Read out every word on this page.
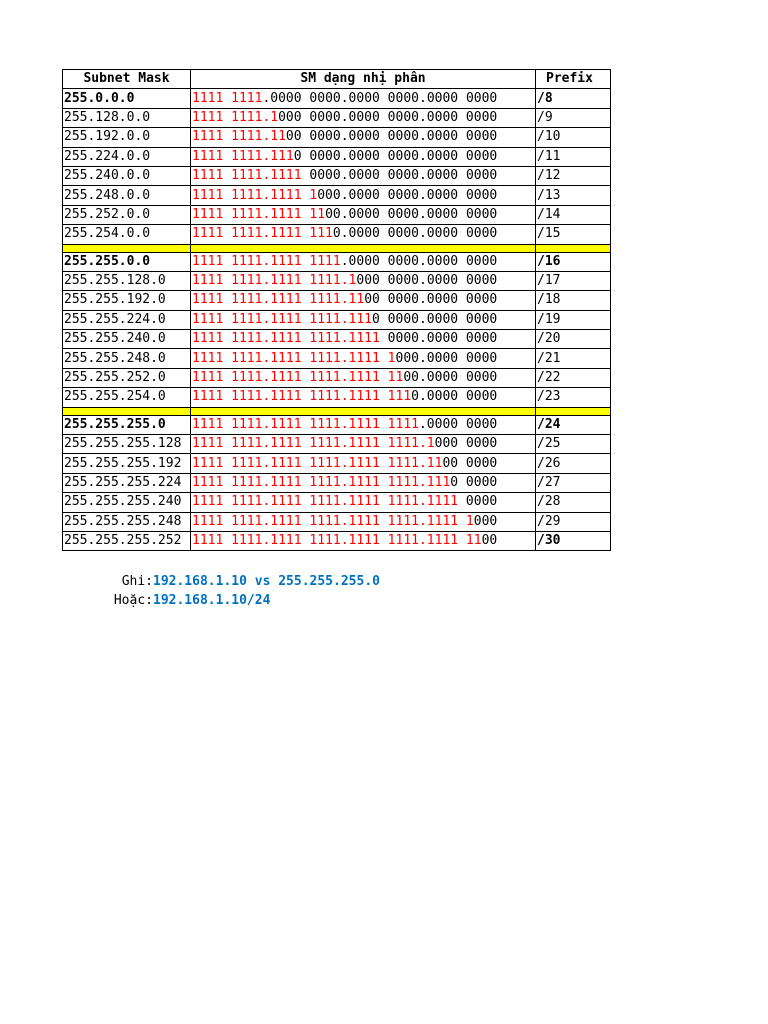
Subnet Mask	SM dạng nhị phân	Prefix
255.0.0.0	1111 1111.0000 0000.0000 0000.0000 0000	/8
255.128.0.0	1111 1111.1000 0000.0000 0000.0000 0000	/9
255.192.0.0	1111 1111.1100 0000.0000 0000.0000 0000	/10
255.224.0.0	1111 1111.1110 0000.0000 0000.0000 0000	/11
255.240.0.0	1111 1111.1111 0000.0000 0000.0000 0000	/12
255.248.0.0	1111 1111.1111 1000.0000 0000.0000 0000	/13
255.252.0.0	1111 1111.1111 1100.0000 0000.0000 0000	/14
255.254.0.0	1111 1111.1111 1110.0000 0000.0000 0000	/15

255.255.0.0	1111 1111.1111 1111.0000 0000.0000 0000	/16
255.255.128.0	1111 1111.1111 1111.1000 0000.0000 0000	/17
255.255.192.0	1111 1111.1111 1111.1100 0000.0000 0000	/18
255.255.224.0	1111 1111.1111 1111.1110 0000.0000 0000	/19
255.255.240.0	1111 1111.1111 1111.1111 0000.0000 0000	/20
255.255.248.0	1111 1111.1111 1111.1111 1000.0000 0000	/21
255.255.252.0	1111 1111.1111 1111.1111 1100.0000 0000	/22
255.255.254.0	1111 1111.1111 1111.1111 1110.0000 0000	/23

255.255.255.0	1111 1111.1111 1111.1111 1111.0000 0000	/24
255.255.255.128	1111 1111.1111 1111.1111 1111.1000 0000	/25
255.255.255.192	1111 1111.1111 1111.1111 1111.1100 0000	/26
255.255.255.224	1111 1111.1111 1111.1111 1111.1110 0000	/27
255.255.255.240	1111 1111.1111 1111.1111 1111.1111 0000	/28
255.255.255.248	1111 1111.1111 1111.1111 1111.1111 1000	/29
255.255.255.252	1111 1111.1111 1111.1111 1111.1111 1100	/30
Ghi:192.168.1.10 vs 255.255.255.0
Hoặc:192.168.1.10/24
